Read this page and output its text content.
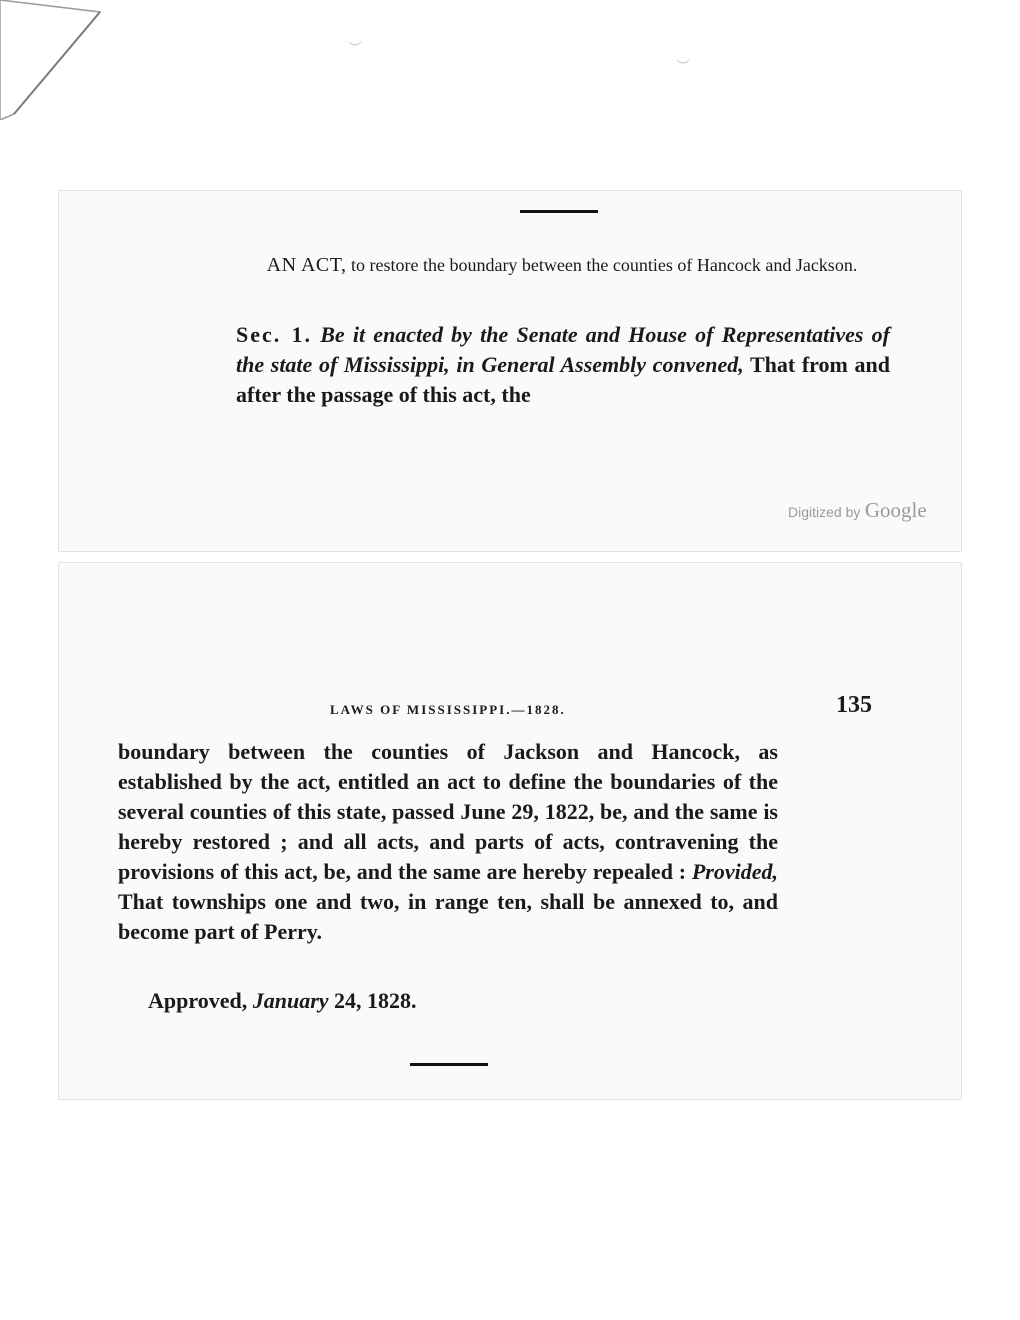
︶
︶
AN ACT, to restore the boundary between the counties of Hancock and Jackson.
Sec. 1. Be it enacted by the Senate and House of Representatives of the state of Mississippi, in General Assembly convened, That from and after the passage of this act, the
Digitized by Google
LAWS OF MISSISSIPPI.—1828.	135

boundary between the counties of Jackson and Hancock, as established by the act, entitled an act to define the boundaries of the several counties of this state, passed June 29, 1822, be, and the same is hereby restored ; and all acts, and parts of acts, contravening the provisions of this act, be, and the same are hereby repealed : Provided, That townships one and two, in range ten, shall be annexed to, and become part of Perry.

Approved, January 24, 1828.
